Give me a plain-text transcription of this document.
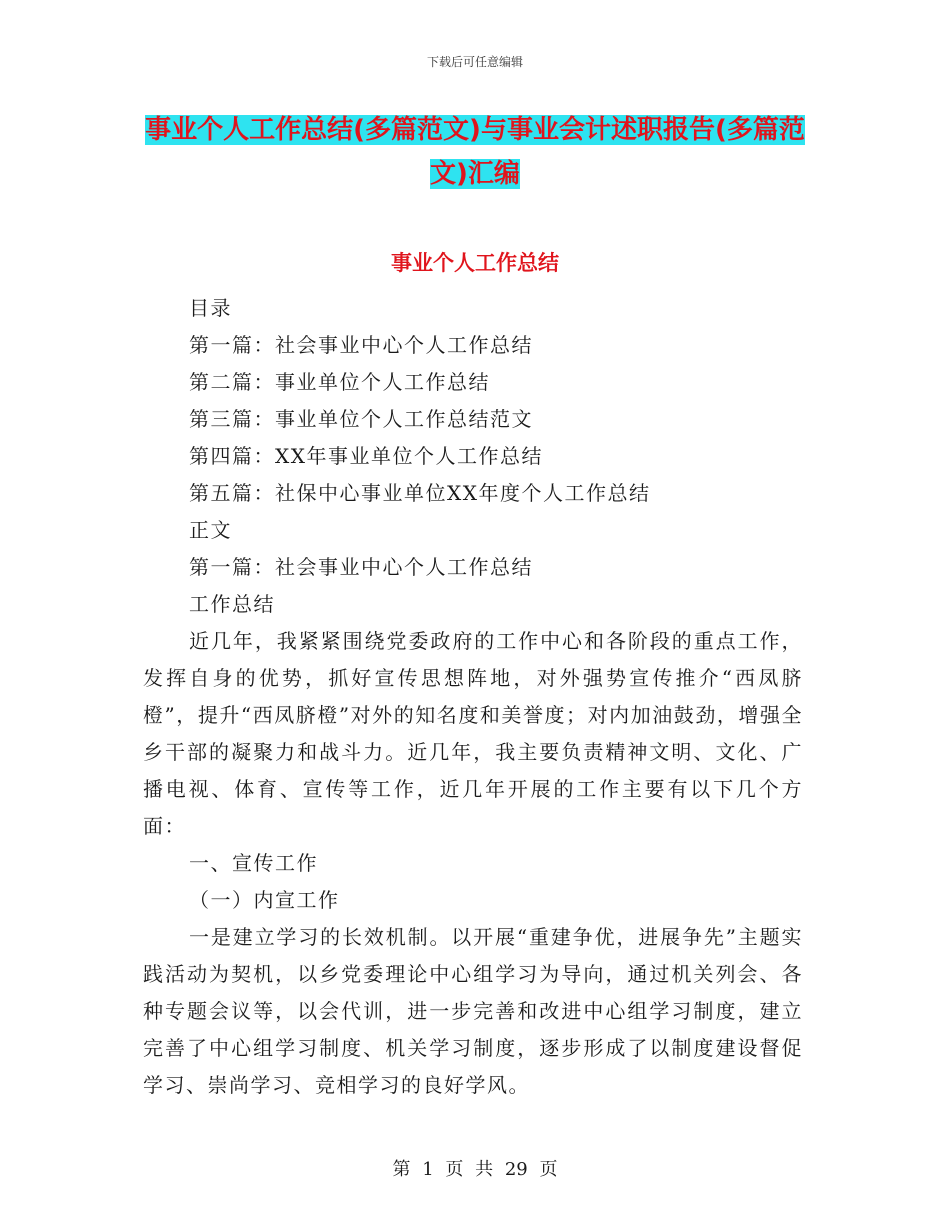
下载后可任意编辑
事业个人工作总结(多篇范文)与事业会计述职报告(多篇范文)汇编
事业个人工作总结
目录
第一篇：社会事业中心个人工作总结
第二篇：事业单位个人工作总结
第三篇：事业单位个人工作总结范文
第四篇：XX年事业单位个人工作总结
第五篇：社保中心事业单位XX年度个人工作总结
正文
第一篇：社会事业中心个人工作总结
工作总结
近几年，我紧紧围绕党委政府的工作中心和各阶段的重点工作，发挥自身的优势，抓好宣传思想阵地，对外强势宣传推介“西凤脐橙”，提升“西凤脐橙”对外的知名度和美誉度；对内加油鼓劲，增强全乡干部的凝聚力和战斗力。近几年，我主要负责精神文明、文化、广播电视、体育、宣传等工作，近几年开展的工作主要有以下几个方面：
一、宣传工作
（一）内宣工作
一是建立学习的长效机制。以开展“重建争优，进展争先”主题实践活动为契机，以乡党委理论中心组学习为导向，通过机关列会、各种专题会议等，以会代训，进一步完善和改进中心组学习制度，建立完善了中心组学习制度、机关学习制度，逐步形成了以制度建设督促学习、崇尚学习、竞相学习的良好学风。
第 1 页 共 29 页
